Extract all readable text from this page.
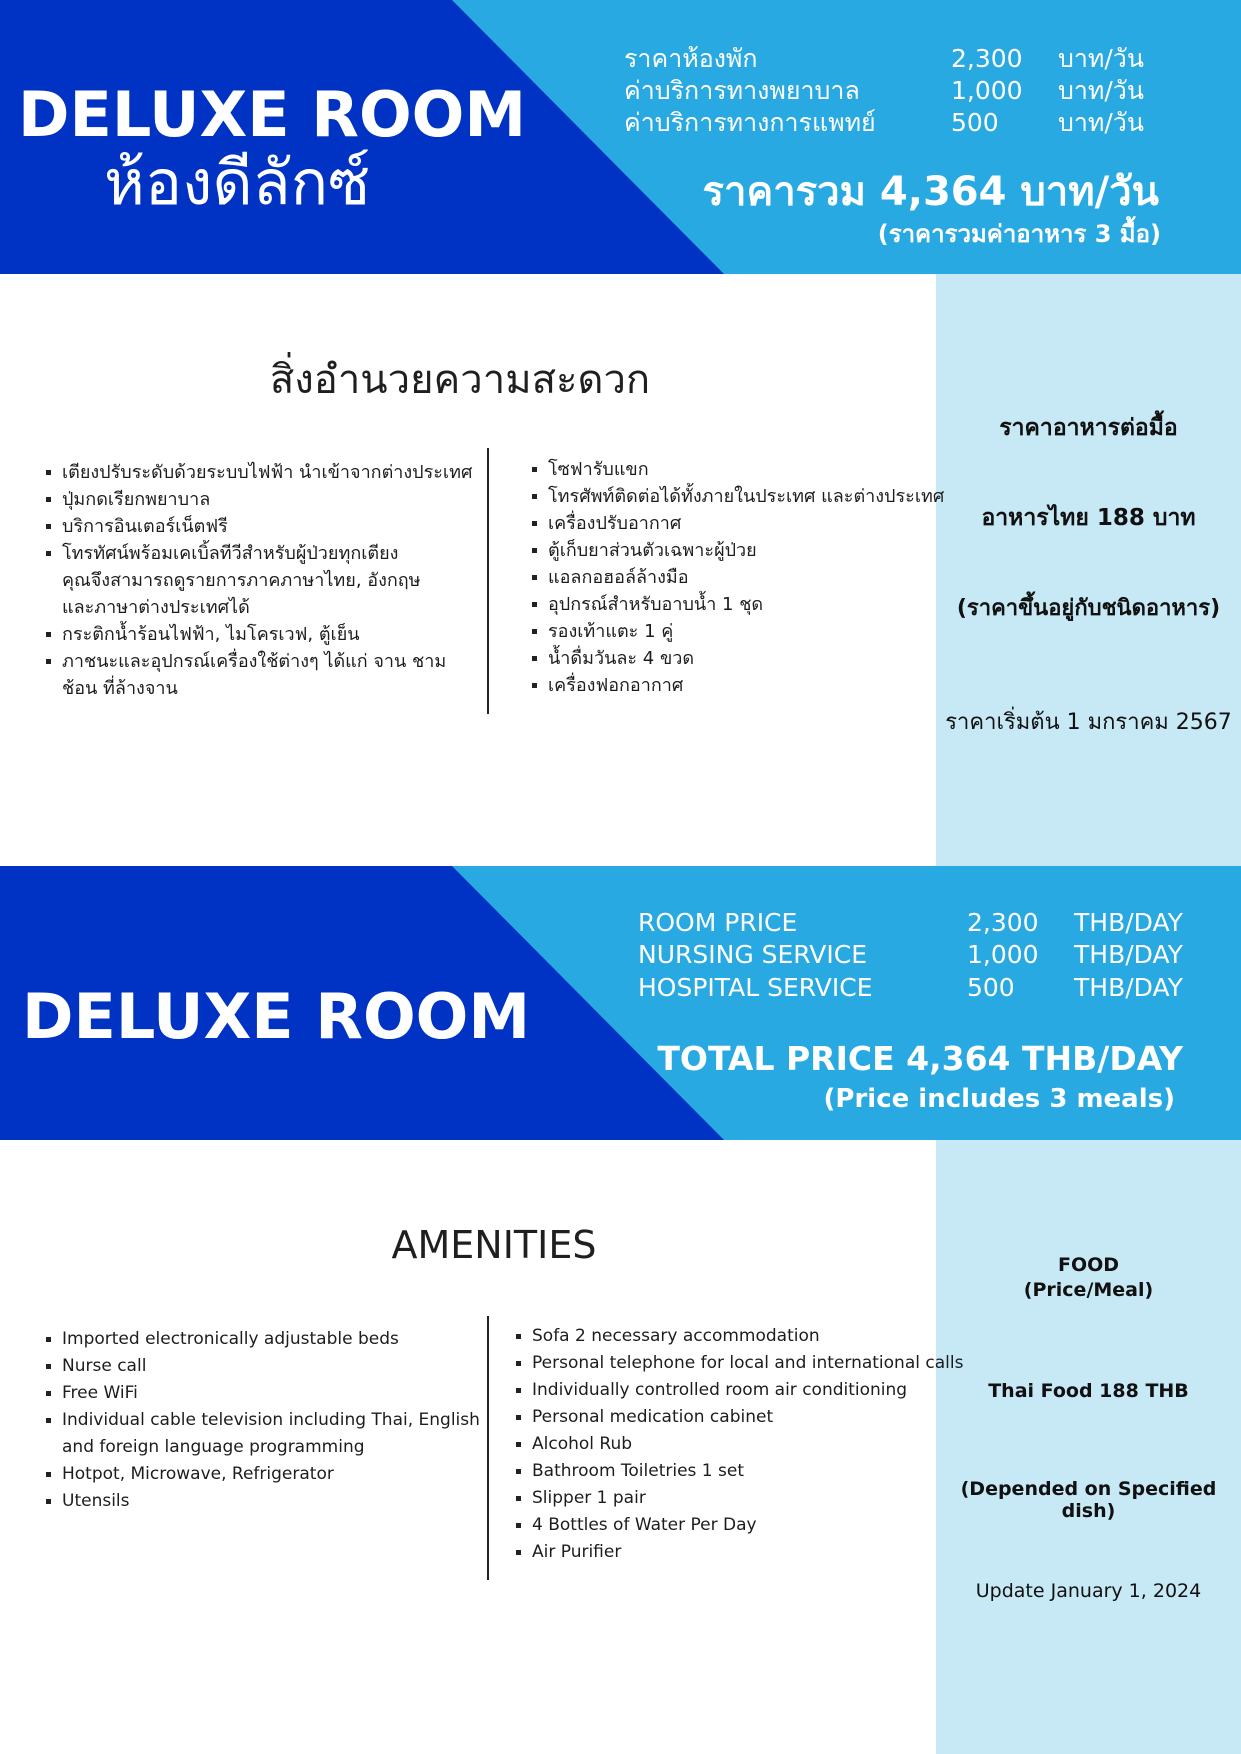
DELUXE ROOM
ห้องดีลักซ์
ราคาห้องพัก	2,300 บาท/วัน
ค่าบริการทางพยาบาล	1,000 บาท/วัน
ค่าบริการทางการแพทย์	500 บาท/วัน
ราคารวม 4,364 บาท/วัน
(ราคารวมค่าอาหาร 3 มื้อ)
ราคาอาหารต่อมื้อ
อาหารไทย 188 บาท
(ราคาขึ้นอยู่กับชนิดอาหาร)
ราคาเริ่มต้น 1 มกราคม 2567
สิ่งอำนวยความสะดวก
เตียงปรับระดับด้วยระบบไฟฟ้า นำเข้าจากต่างประเทศ
ปุ่มกดเรียกพยาบาล
บริการอินเตอร์เน็ตฟรี
โทรทัศน์พร้อมเคเบิ้ลทีวีสำหรับผู้ป่วยทุกเตียง
คุณจึงสามารถดูรายการภาคภาษาไทย, อังกฤษ
และภาษาต่างประเทศได้
กระติกน้ำร้อนไฟฟ้า, ไมโครเวฟ, ตู้เย็น
ภาชนะและอุปกรณ์เครื่องใช้ต่างๆ ได้แก่ จาน ชาม
ช้อน ที่ล้างจาน
โซฟารับแขก
โทรศัพท์ติดต่อได้ทั้งภายในประเทศ และต่างประเทศ
เครื่องปรับอากาศ
ตู้เก็บยาส่วนตัวเฉพาะผู้ป่วย
แอลกอฮอล์ล้างมือ
อุปกรณ์สำหรับอาบน้ำ 1 ชุด
รองเท้าแตะ 1 คู่
น้ำดื่มวันละ 4 ขวด
เครื่องฟอกอากาศ
DELUXE ROOM
ROOM PRICE	2,300 THB/DAY
NURSING SERVICE	1,000 THB/DAY
HOSPITAL SERVICE	500 THB/DAY
TOTAL PRICE 4,364 THB/DAY
(Price includes 3 meals)
FOOD
(Price/Meal)
Thai Food 188 THB
(Depended on Specified dish)
Update January 1, 2024
AMENITIES
Imported electronically adjustable beds
Nurse call
Free WiFi
Individual cable television including Thai, English
and foreign language programming
Hotpot, Microwave, Refrigerator
Utensils
Sofa 2 necessary accommodation
Personal telephone for local and international calls
Individually controlled room air conditioning
Personal medication cabinet
Alcohol Rub
Bathroom Toiletries 1 set
Slipper 1 pair
4 Bottles of Water Per Day
Air Purifier
